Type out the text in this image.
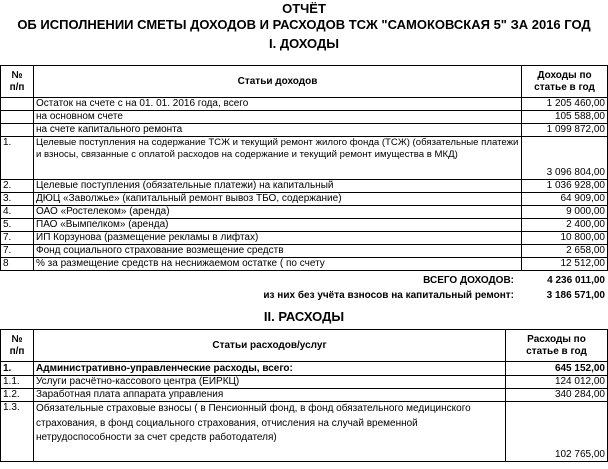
ОТЧЁТ
ОБ ИСПОЛНЕНИИ СМЕТЫ ДОХОДОВ И РАСХОДОВ ТСЖ "САМОКОВСКАЯ 5" ЗА 2016 ГОД
I. ДОХОДЫ
№
п/п	Статьи доходов	Доходы по
статье в год
	Остаток на счете с на 01. 01. 2016 года, всего	1 205 460,00
	на основном счете	105 588,00
	на счете капитального ремонта	1 099 872,00
1.	Целевые поступления на содержание ТСЖ и текущий ремонт жилого фонда (ТСЖ) (обязательные платежи и взносы, связанные с оплатой расходов на содержание и текущий ремонт имущества в МКД)	3 096 804,00
2.	Целевые поступления (обязательные платежи) на капитальный	1 036 928,00
3.	ДЮЦ «Заволжье» (капитальный ремонт вывоз ТБО, содержание)	64 909,00
4.	ОАО «Ростелеком» (аренда)	9 000,00
5.	ПАО «Вымпелком» (аренда)	2 400,00
7.	ИП Корзунова (размещение рекламы в лифтах)	10 800,00
7.	Фонд социального страхование возмещение средств	2 658,00
8	% за размещение средств на неснижаемом остатке ( по счету	12 512,00
ВСЕГО ДОХОДОВ:	4 236 011,00
из них без учёта взносов на капитальный ремонт:	3 186 571,00
II. РАСХОДЫ
№
п/п	Статьи расходов/услуг	Расходы по
статье в год
1.	Административно-управленческие расходы, всего:	645 152,00
1.1.	Услуги расчётно-кассового центра (ЕИРКЦ)	124 012,00
1.2.	Заработная плата аппарата управления	340 284,00
1.3.	Обязательные страховые взносы ( в Пенсионный фонд, в фонд обязательного медицинского страхования, в фонд социального страхования, отчисления на случай временной нетрудоспособности за счет средств работодателя)	102 765,00
